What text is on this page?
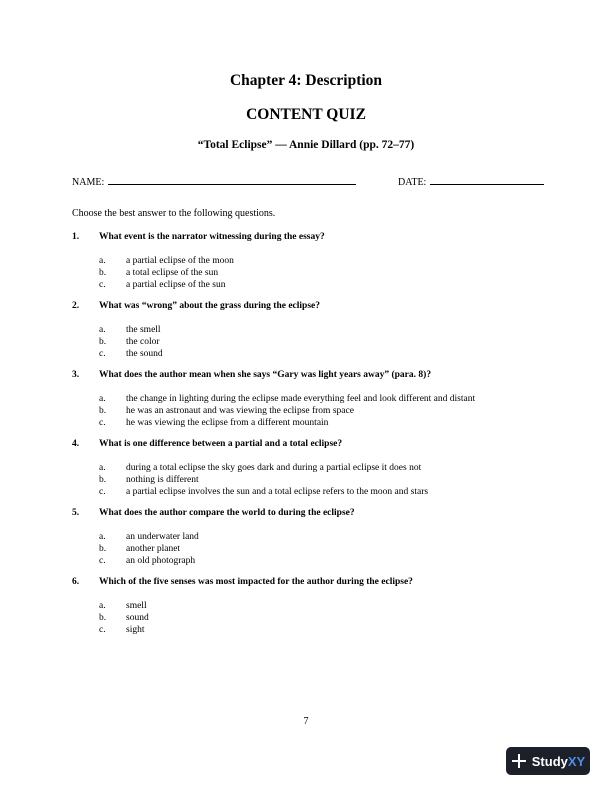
Chapter 4: Description
CONTENT QUIZ
“Total Eclipse” — Annie Dillard (pp. 72–77)
NAME:	DATE:
Choose the best answer to the following questions.
1.	What event is the narrator witnessing during the essay?
a.	a partial eclipse of the moon
b.	a total eclipse of the sun
c.	a partial eclipse of the sun
2.	What was “wrong” about the grass during the eclipse?
a.	the smell
b.	the color
c.	the sound
3.	What does the author mean when she says “Gary was light years away” (para. 8)?
a.	the change in lighting during the eclipse made everything feel and look different and distant
b.	he was an astronaut and was viewing the eclipse from space
c.	he was viewing the eclipse from a different mountain
4.	What is one difference between a partial and a total eclipse?
a.	during a total eclipse the sky goes dark and during a partial eclipse it does not
b.	nothing is different
c.	a partial eclipse involves the sun and a total eclipse refers to the moon and stars
5.	What does the author compare the world to during the eclipse?
a.	an underwater land
b.	another planet
c.	an old photograph
6.	Which of the five senses was most impacted for the author during the eclipse?
a.	smell
b.	sound
c.	sight
7
Study XY
